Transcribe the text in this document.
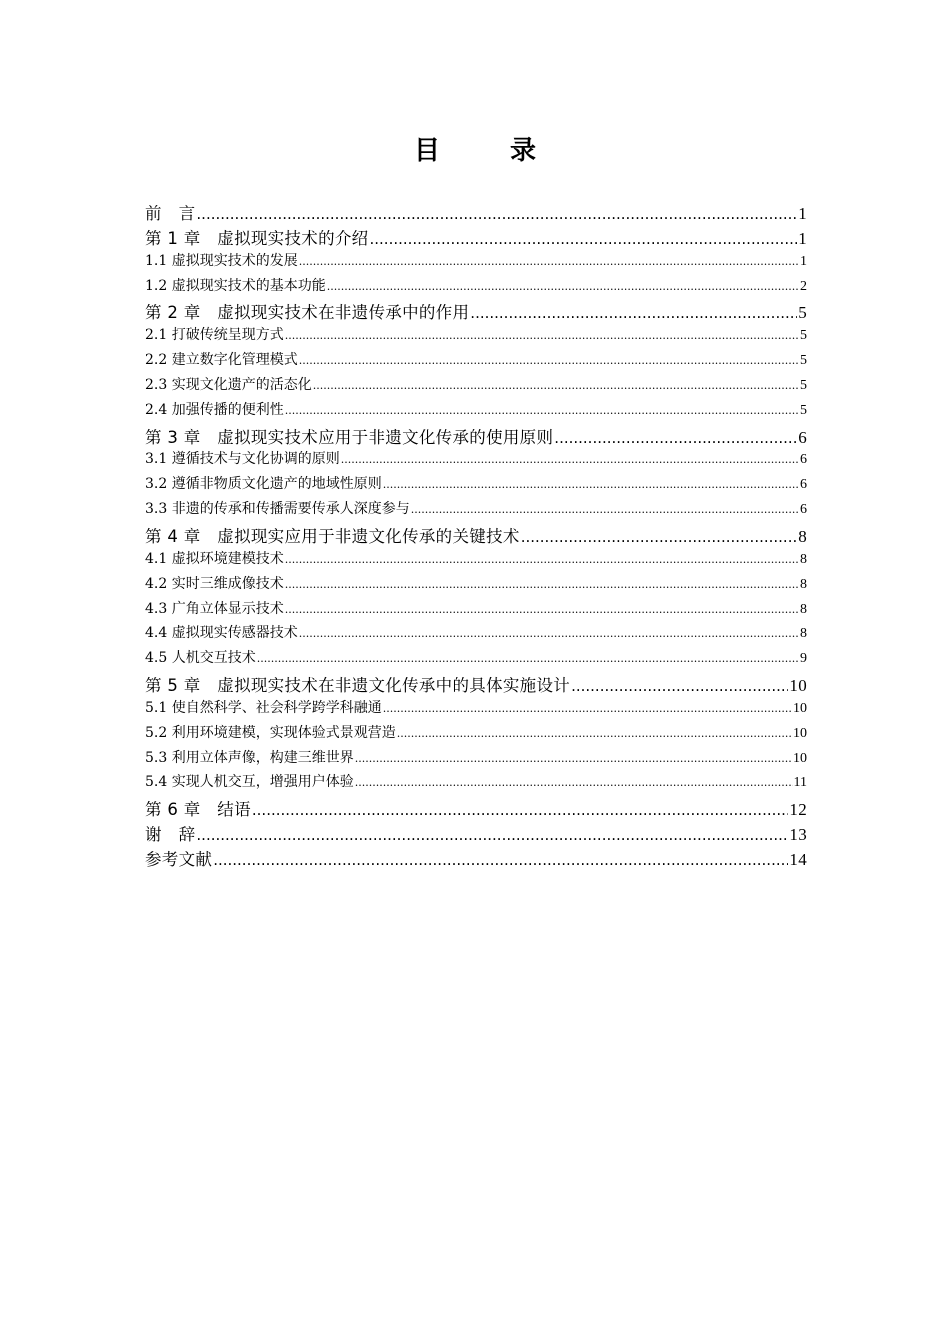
目　录
前　言 .....	1
第 1 章　虚拟现实技术的介绍 .....	1
1.1 虚拟现实技术的发展 .....	1
1.2 虚拟现实技术的基本功能 .....	2
第 2 章　虚拟现实技术在非遗传承中的作用 .....	5
2.1 打破传统呈现方式 .....	5
2.2 建立数字化管理模式 .....	5
2.3 实现文化遗产的活态化 .....	5
2.4 加强传播的便利性 .....	5
第 3 章　虚拟现实技术应用于非遗文化传承的使用原则 .....	6
3.1 遵循技术与文化协调的原则 .....	6
3.2 遵循非物质文化遗产的地域性原则 .....	6
3.3 非遗的传承和传播需要传承人深度参与 .....	6
第 4 章　虚拟现实应用于非遗文化传承的关键技术 .....	8
4.1 虚拟环境建模技术 .....	8
4.2 实时三维成像技术 .....	8
4.3 广角立体显示技术 .....	8
4.4 虚拟现实传感器技术 .....	8
4.5 人机交互技术 .....	9
第 5 章　虚拟现实技术在非遗文化传承中的具体实施设计 .....	10
5.1 使自然科学、社会科学跨学科融通 .....	10
5.2 利用环境建模，实现体验式景观营造 .....	10
5.3 利用立体声像，构建三维世界 .....	10
5.4 实现人机交互，增强用户体验 .....	11
第 6 章　结语 .....	12
谢　辞 .....	13
参考文献 .....	14
